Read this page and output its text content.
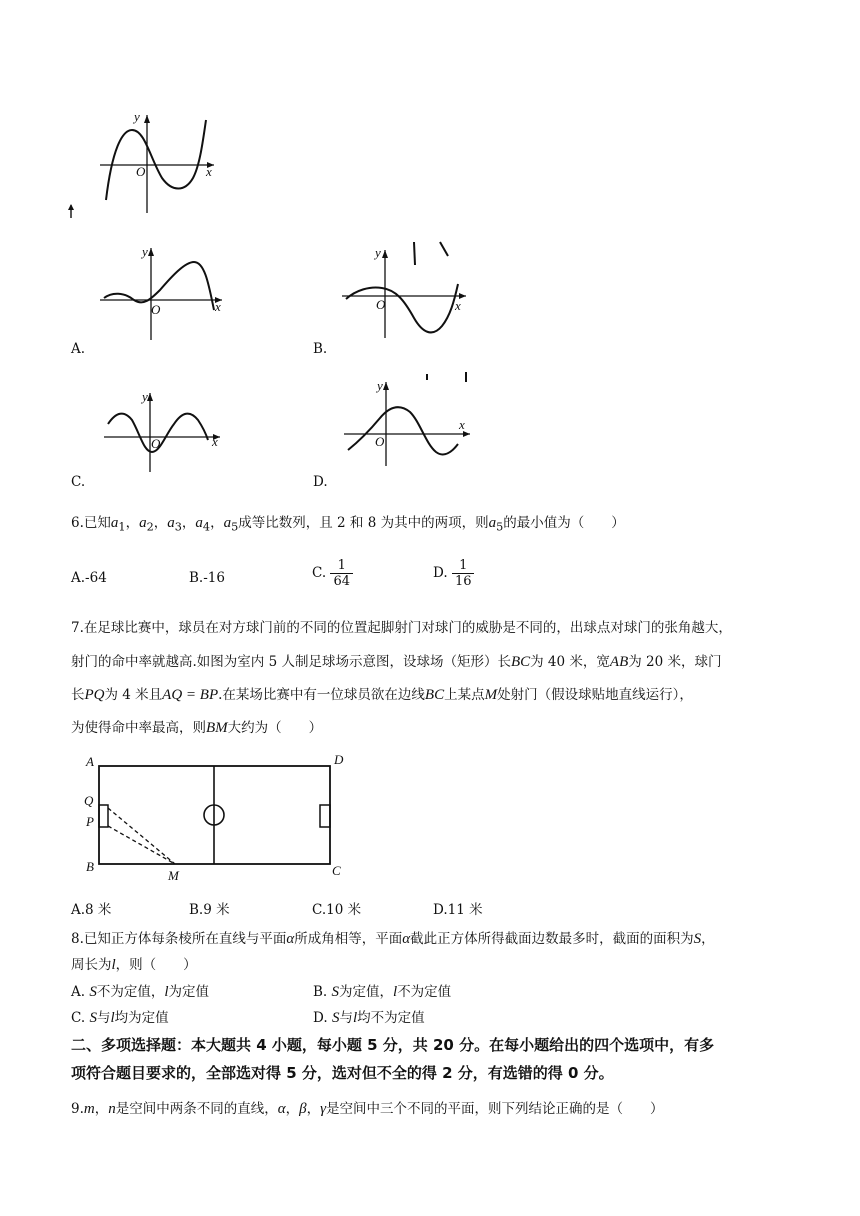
y
x
O
y
x
O
y
x
O
y
x
O
y
x
O
A.	B.
C.	D.
6.已知$a_1$，$a_2$，$a_3$，$a_4$，$a_5$成等比数列，且 2 和 8 为其中的两项，则$a_5$的最小值为（　　）
A.-64	B.-16	C. $\frac{1}{64}$	D. $\frac{1}{16}$
7.在足球比赛中，球员在对方球门前的不同的位置起脚射门对球门的威胁是不同的，出球点对球门的张角越大，
射门的命中率就越高.如图为室内 5 人制足球场示意图，设球场（矩形）长BC为 40 米，宽AB为 20 米，球门
长PQ为 4 米且AQ = BP.在某场比赛中有一位球员欲在边线BC上某点M处射门（假设球贴地直线运行），
为使得命中率最高，则BM大约为（　　）
A	D
Q
P
B
M	C
A.8 米	B.9 米	C.10 米	D.11 米
8.已知正方体每条棱所在直线与平面α所成角相等，平面α截此正方体所得截面边数最多时，截面的面积为S，
周长为l，则（　　）
A. S不为定值，l为定值	B. S为定值，l不为定值
C. S与l均为定值	D. S与l均不为定值
二、多项选择题：本大题共 4 小题，每小题 5 分，共 20 分。在每小题给出的四个选项中，有多
项符合题目要求的，全部选对得 5 分，选对但不全的得 2 分，有选错的得 0 分。
9.m，n是空间中两条不同的直线，α，β，γ是空间中三个不同的平面，则下列结论正确的是（　　）
